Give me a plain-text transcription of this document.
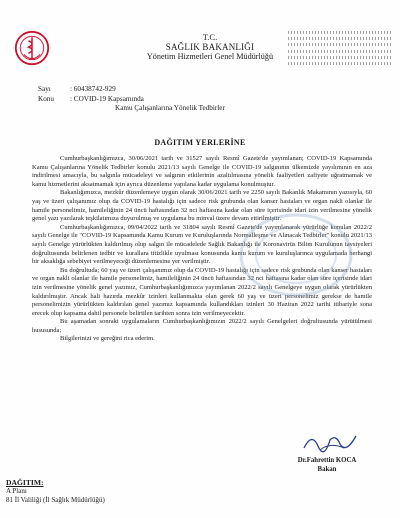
T.C.
SAĞLIK BAKANLIĞI
Yönetim Hizmetleri Genel Müdürlüğü
Sayı	: 60438742-929
Konu	: COVID-19 Kapsamında
Kamu Çalışanlarına Yönelik Tedbirler
DAĞITIM YERLERİNE

Cumhurbaşkanlığımızca, 30/06/2021 tarih ve 31527 sayılı Resmî Gazete'de yayımlanan; COVID-19 Kapsamında Kamu Çalışanlarına Yönelik Tedbirler konulu 2021/13 sayılı Genelge ile COVID-19 salgınının ülkemizde yayılımının en aza indirilmesi amacıyla, bu salgınla mücadeleyi ve salgının etkilerinin azaltılmasına yönelik faaliyetleri zafiyete uğratmamak ve kamu hizmetlerini aksatmamak için ayrıca düzenleme yapılana kadar uygulama konulmuştur.

Bakanlığımızca, mezkûr düzenlemeye uygun olarak 30/06/2021 tarih ve 2250 sayılı Bakanlık Makamının yazısıyla, 60 yaş ve üzeri çalışanımız olup da COVID-19 hastalığı için sadece risk grubunda olan kanser hastaları ve organ nakli olanlar ile hamile personelimiz, hamileliğinin 24 üncü haftasından 32 nci haftasına kadar olan süre içerisinde idari izin verilmesine yönelik genel yazı yazılarak teşkilatımıza duyurulmuş ve uygulama bu minval üzere devam ettirilmiştir.

Cumhurbaşkanlığımızca, 09/04/2022 tarih ve 31804 sayılı Resmî Gazete'de yayımlanarak yürürlüğe konulan 2022/2 sayılı Genelge ile "COVID-19 Kapsamında Kamu Kurum ve Kuruluşlarında Normalleşme ve Alınacak Tedbirler" konulu 2021/13 sayılı Genelge yürürlükten kaldırılmış olup salgın ile mücadelede Sağlık Bakanlığı ile Koronavirüs Bilim Kurulunun tavsiyeleri doğrultusunda belirlenen tedbir ve kurallara titizlikle uyulması konusunda kamu kurum ve kuruluşlarınca uygulamada herhangi bir aksaklığa sebebiyet verilmeyeceği düzenlemesine yer verilmiştir.

Bu doğrultuda; 60 yaş ve üzeri çalışanımız olup da COVID-19 hastalığı için sadece risk grubunda olan kanser hastaları ve organ nakli olanlar ile hamile personelimiz, hamileliğinin 24 üncü haftasından 32 nci haftasına kadar olan süre içerisinde idari izin verilmesine yönelik genel yazımız, Cumhurbaşkanlığımızca yayımlanan 2022/2 sayılı Genelgeye uygun olarak yürürlükten kaldırılmıştır. Ancak hali hazırda mezkûr izinleri kullanmakta olan gerek 60 yaş ve üzeri personelimiz gerekse de hamile personelimizin yürürlükten kaldırılan genel yazımız kapsamında kullandıkları izinleri 30 Haziran 2022 tarihi itibariyle sona erecek olup kapsama dahil personele belirtilen tarihten sonra izin verilmeyecektir.

Bu aşamadan sonraki uygulamaların Cumhurbaşkanlığımızın 2022/2 sayılı Genelgeleri doğrultusunda yürütülmesi hususunda;

Bilgilerinizi ve gereğini rica ederim.

Dr.Fahrettin KOCA
Bakan
DAĞITIM:
A Planı
81 İl Valiliği (İl Sağlık Müdürlüğü)
